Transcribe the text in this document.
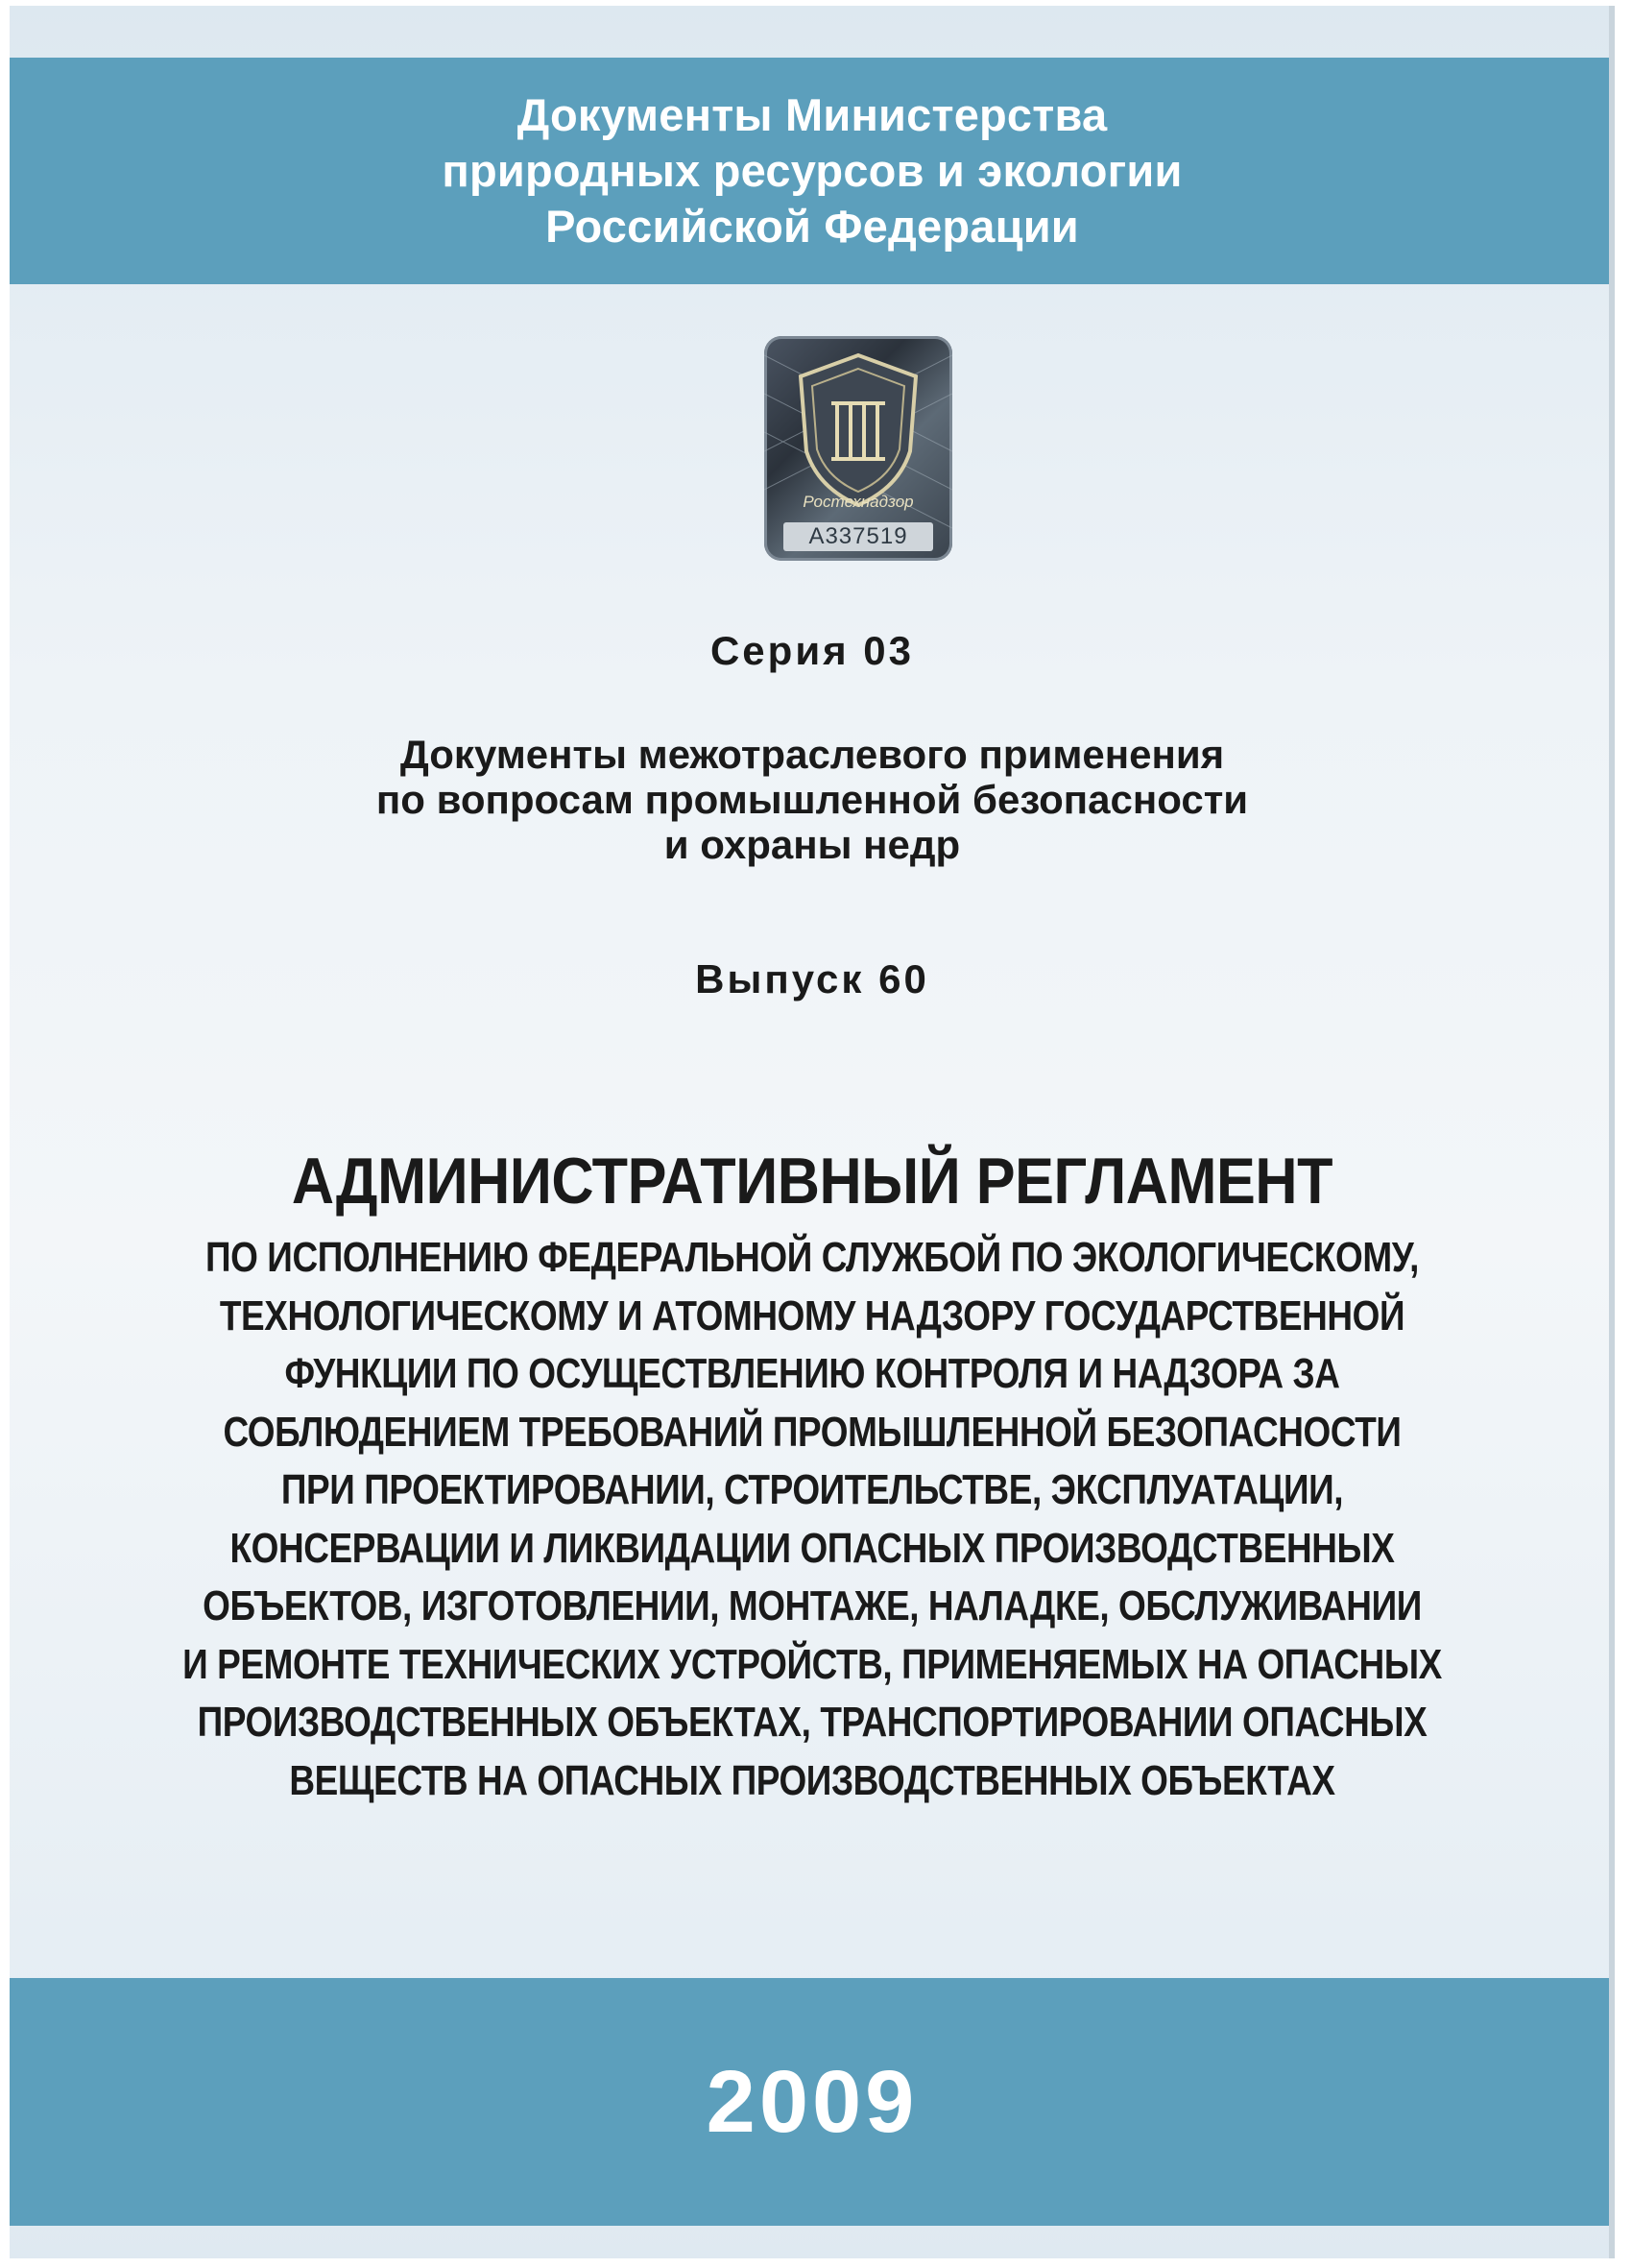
Документы Министерства
природных ресурсов и экологии
Российской Федерации
Ростехнадзор
А337519
Серия 03
Документы межотраслевого применения
по вопросам промышленной безопасности
и охраны недр
Выпуск 60
АДМИНИСТРАТИВНЫЙ РЕГЛАМЕНТ
ПО ИСПОЛНЕНИЮ ФЕДЕРАЛЬНОЙ СЛУЖБОЙ ПО ЭКОЛОГИЧЕСКОМУ,
ТЕХНОЛОГИЧЕСКОМУ И АТОМНОМУ НАДЗОРУ ГОСУДАРСТВЕННОЙ
ФУНКЦИИ ПО ОСУЩЕСТВЛЕНИЮ КОНТРОЛЯ И НАДЗОРА ЗА
СОБЛЮДЕНИЕМ ТРЕБОВАНИЙ ПРОМЫШЛЕННОЙ БЕЗОПАСНОСТИ
ПРИ ПРОЕКТИРОВАНИИ, СТРОИТЕЛЬСТВЕ, ЭКСПЛУАТАЦИИ,
КОНСЕРВАЦИИ И ЛИКВИДАЦИИ ОПАСНЫХ ПРОИЗВОДСТВЕННЫХ
ОБЪЕКТОВ, ИЗГОТОВЛЕНИИ, МОНТАЖЕ, НАЛАДКЕ, ОБСЛУЖИВАНИИ
И РЕМОНТЕ ТЕХНИЧЕСКИХ УСТРОЙСТВ, ПРИМЕНЯЕМЫХ НА ОПАСНЫХ
ПРОИЗВОДСТВЕННЫХ ОБЪЕКТАХ, ТРАНСПОРТИРОВАНИИ ОПАСНЫХ
ВЕЩЕСТВ НА ОПАСНЫХ ПРОИЗВОДСТВЕННЫХ ОБЪЕКТАХ
2009
